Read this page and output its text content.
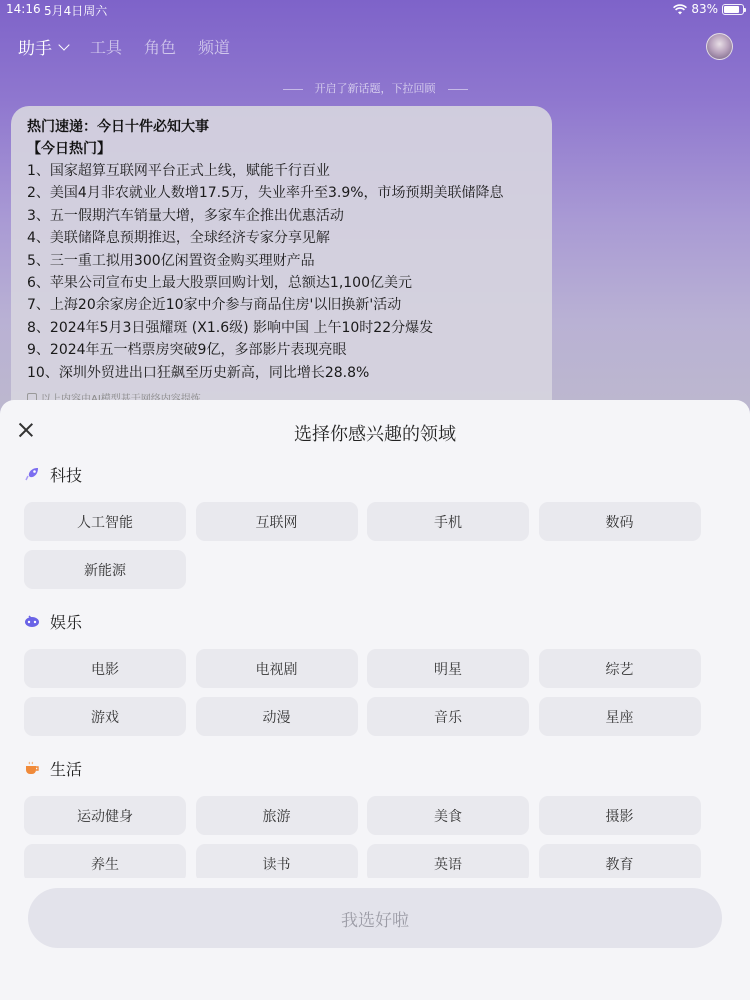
14:16 5月4日周六	83%
助手 工具 角色 频道
开启了新话题，下拉回顾
热门速递：今日十件必知大事
【今日热门】
1、国家超算互联网平台正式上线，赋能千行百业
2、美国4月非农就业人数增17.5万，失业率升至3.9%，市场预期美联储降息
3、五一假期汽车销量大增，多家车企推出优惠活动
4、美联储降息预期推迟，全球经济专家分享见解
5、三一重工拟用300亿闲置资金购买理财产品
6、苹果公司宣布史上最大股票回购计划，总额达1,100亿美元
7、上海20余家房企近10家中介参与商品住房'以旧换新'活动
8、2024年5月3日强耀斑 (X1.6级) 影响中国 上午10时22分爆发
9、2024年五一档票房突破9亿，多部影片表现亮眼
10、深圳外贸进出口狂飙至历史新高，同比增长28.8%
选择你感兴趣的领域
科技
人工智能	互联网	手机	数码
新能源
娱乐
电影	电视剧	明星	综艺
游戏	动漫	音乐	星座
生活
运动健身	旅游	美食	摄影
养生	读书	英语	教育
我选好啦
